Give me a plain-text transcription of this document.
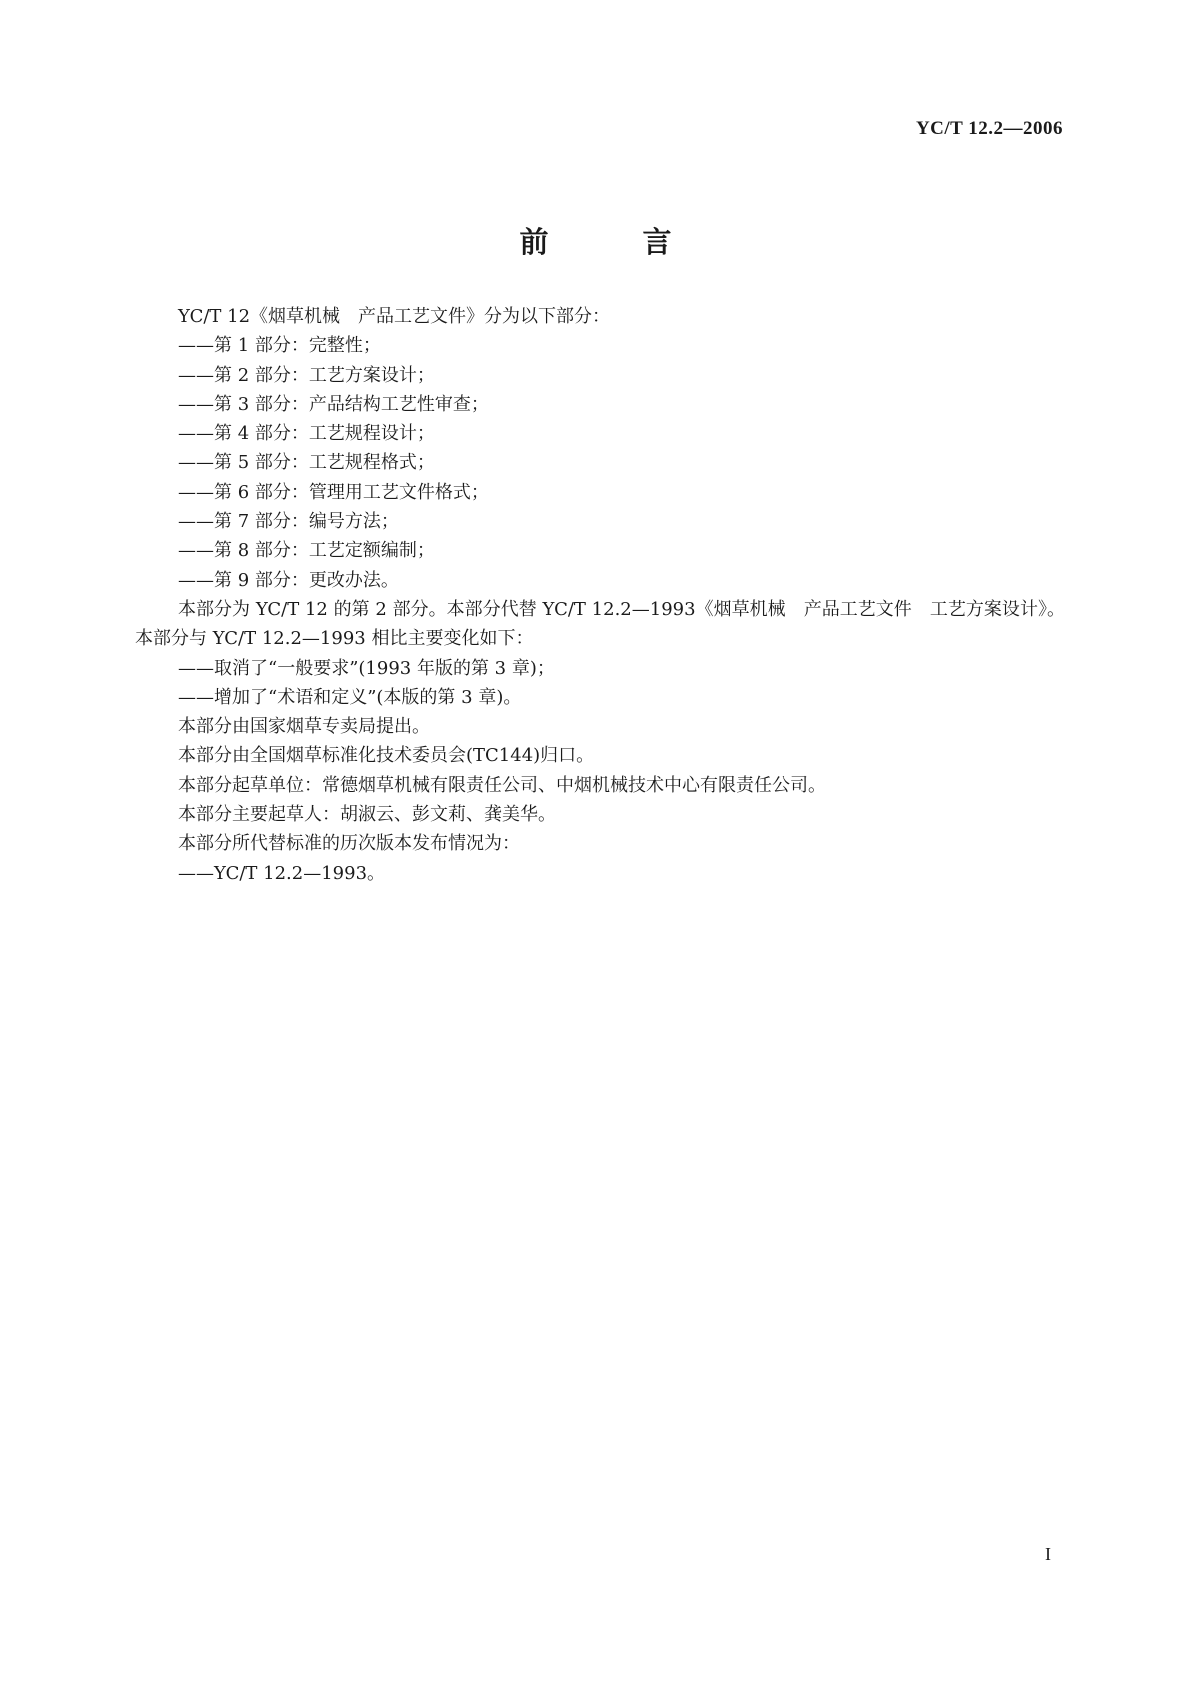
YC/T 12.2—2006
前 言

YC/T 12《烟草机械　产品工艺文件》分为以下部分：

——第 1 部分：完整性；

——第 2 部分：工艺方案设计；

——第 3 部分：产品结构工艺性审查；

——第 4 部分：工艺规程设计；

——第 5 部分：工艺规程格式；

——第 6 部分：管理用工艺文件格式；

——第 7 部分：编号方法；

——第 8 部分：工艺定额编制；

——第 9 部分：更改办法。

本部分为 YC/T 12 的第 2 部分。本部分代替 YC/T 12.2—1993《烟草机械　产品工艺文件　工艺方案设计》。本部分与 YC/T 12.2—1993 相比主要变化如下：

——取消了“一般要求”(1993 年版的第 3 章)；

——增加了“术语和定义”(本版的第 3 章)。

本部分由国家烟草专卖局提出。

本部分由全国烟草标准化技术委员会(TC144)归口。

本部分起草单位：常德烟草机械有限责任公司、中烟机械技术中心有限责任公司。

本部分主要起草人：胡淑云、彭文莉、龚美华。

本部分所代替标准的历次版本发布情况为：

——YC/T 12.2—1993。

I
